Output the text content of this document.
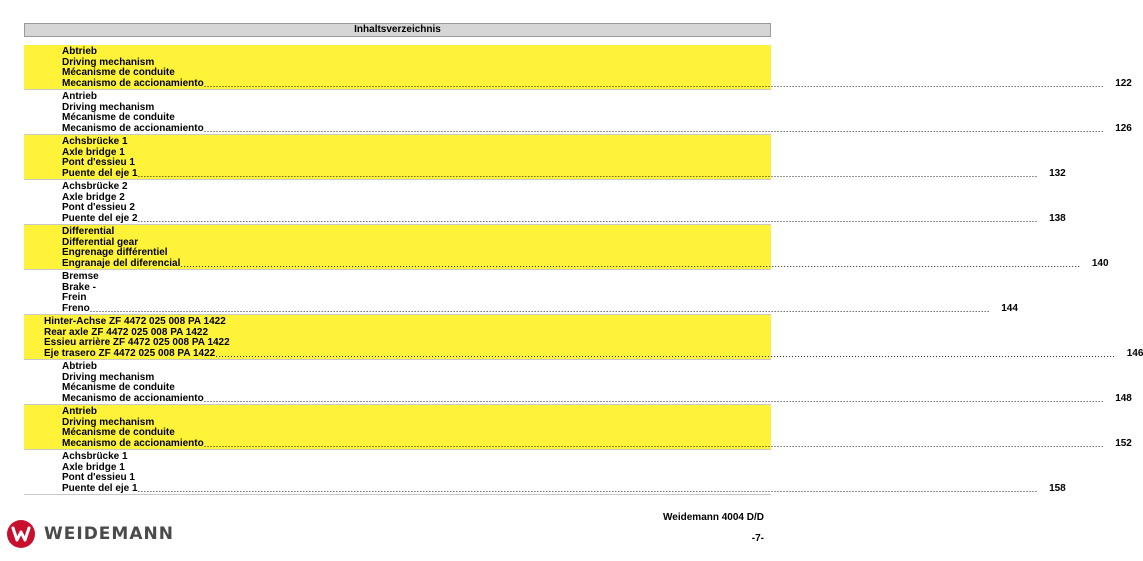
Inhaltsverzeichnis
Abtrieb
Driving mechanism
Mécanisme de conduite
Mecanismo de accionamiento ............................................................................................................................................................................................................................................................................................................	122
Antrieb
Driving mechanism
Mécanisme de conduite
Mecanismo de accionamiento ............................................................................................................................................................................................................................................................................................................	126
Achsbrücke 1
Axle bridge 1
Pont d'essieu 1
Puente del eje 1 ............................................................................................................................................................................................................................................................................................................	132
Achsbrücke 2
Axle bridge 2
Pont d'essieu 2
Puente del eje 2 ............................................................................................................................................................................................................................................................................................................	138
Differential
Differential gear
Engrenage différentiel
Engranaje del diferencial ............................................................................................................................................................................................................................................................................................................	140
Bremse
Brake -
Frein
Freno ............................................................................................................................................................................................................................................................................................................	144
Hinter-Achse ZF 4472 025 008 PA 1422
Rear axle ZF 4472 025 008 PA 1422
Essieu arrière ZF 4472 025 008 PA 1422
Eje trasero ZF 4472 025 008 PA 1422 ............................................................................................................................................................................................................................................................................................................	146
Abtrieb
Driving mechanism
Mécanisme de conduite
Mecanismo de accionamiento ............................................................................................................................................................................................................................................................................................................	148
Antrieb
Driving mechanism
Mécanisme de conduite
Mecanismo de accionamiento ............................................................................................................................................................................................................................................................................................................	152
Achsbrücke 1
Axle bridge 1
Pont d'essieu 1
Puente del eje 1 ............................................................................................................................................................................................................................................................................................................	158
WEIDEMANN
Weidemann 4004 D/D
-7-
